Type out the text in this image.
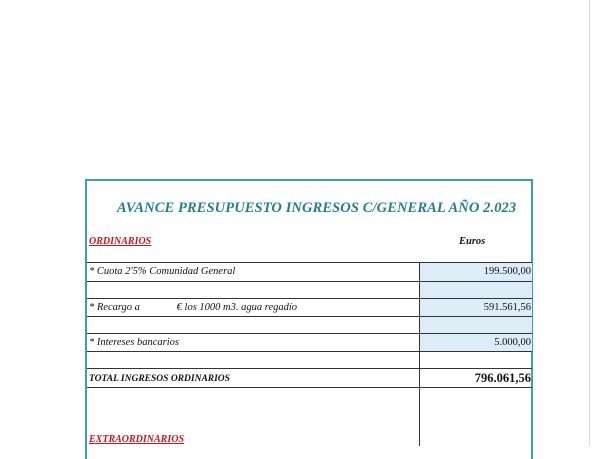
AVANCE PRESUPUESTO INGRESOS C/GENERAL AÑO 2.023
ORDINARIOS	Euros
* Cuota 2'5% Comunidad General	199.500,00
* Recargo a              € los 1000 m3. agua regadío	591.561,56
* Intereses bancarios	5.000,00
TOTAL INGRESOS ORDINARIOS	796.061,56
EXTRAORDINARIOS
